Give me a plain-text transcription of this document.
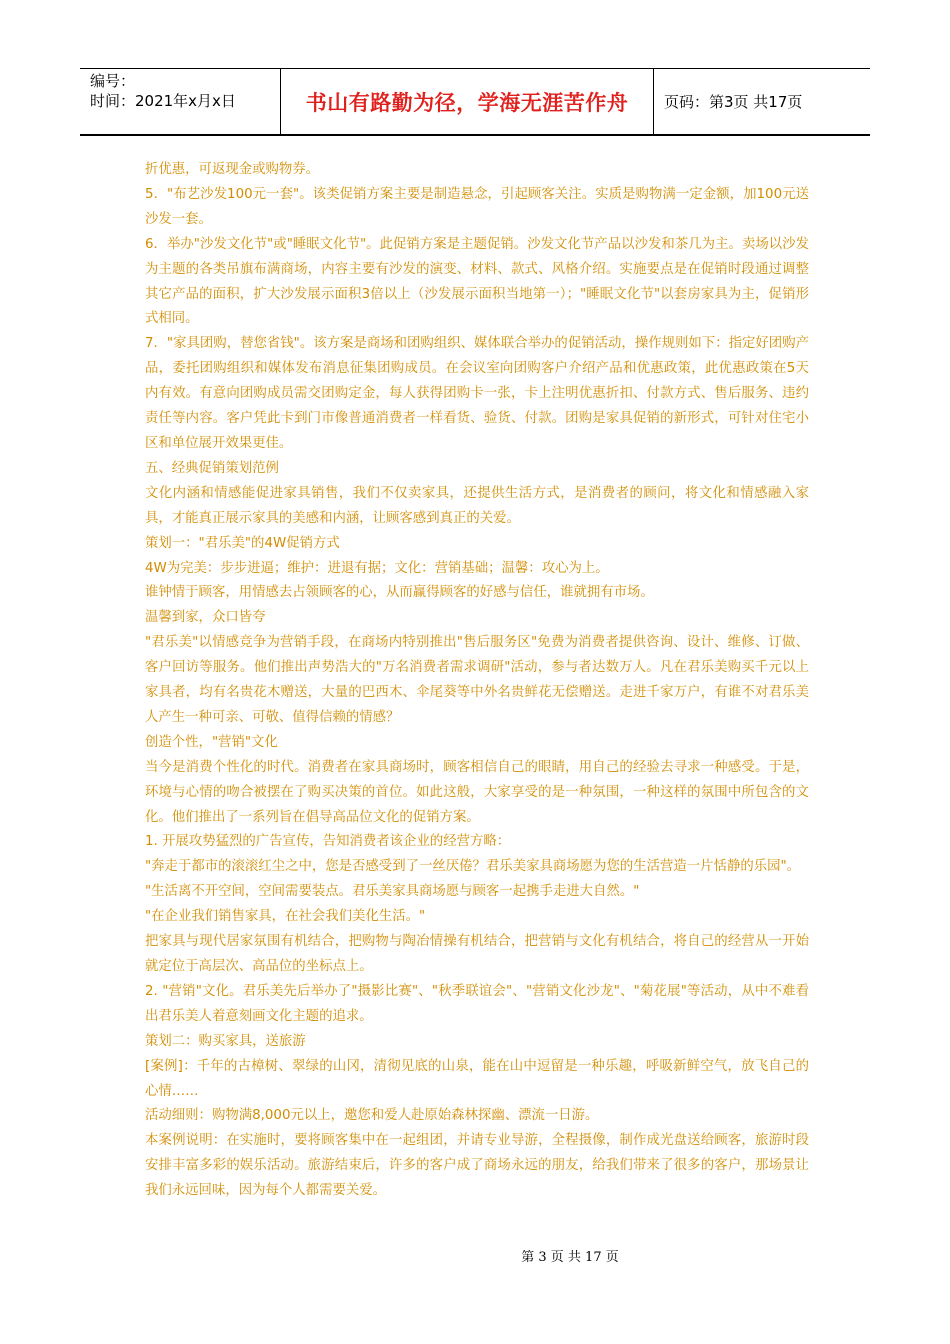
编号：
时间：2021年x月x日	书山有路勤为径，学海无涯苦作舟	页码：第3页 共17页

折优惠，可返现金或购物券。

5．"布艺沙发100元一套"。该类促销方案主要是制造悬念，引起顾客关注。实质是购物满一定金额，加100元送沙发一套。

6．举办"沙发文化节"或"睡眠文化节"。此促销方案是主题促销。沙发文化节产品以沙发和茶几为主。卖场以沙发为主题的各类吊旗布满商场，内容主要有沙发的演变、材料、款式、风格介绍。实施要点是在促销时段通过调整其它产品的面积，扩大沙发展示面积3倍以上（沙发展示面积当地第一）；"睡眠文化节"以套房家具为主，促销形式相同。

7．"家具团购，替您省钱"。该方案是商场和团购组织、媒体联合举办的促销活动，操作规则如下：指定好团购产品，委托团购组织和媒体发布消息征集团购成员。在会议室向团购客户介绍产品和优惠政策，此优惠政策在5天内有效。有意向团购成员需交团购定金，每人获得团购卡一张，卡上注明优惠折扣、付款方式、售后服务、违约责任等内容。客户凭此卡到门市像普通消费者一样看货、验货、付款。团购是家具促销的新形式，可针对住宅小区和单位展开效果更佳。

五、经典促销策划范例

文化内涵和情感能促进家具销售，我们不仅卖家具，还提供生活方式，是消费者的顾问，将文化和情感融入家具，才能真正展示家具的美感和内涵，让顾客感到真正的关爱。

策划一："君乐美"的4W促销方式

4W为完美：步步进逼；维护：进退有据；文化：营销基础；温馨：攻心为上。

谁钟情于顾客，用情感去占领顾客的心，从而赢得顾客的好感与信任，谁就拥有市场。

温馨到家，众口皆夸

"君乐美"以情感竞争为营销手段，在商场内特别推出"售后服务区"免费为消费者提供咨询、设计、维修、订做、客户回访等服务。他们推出声势浩大的"万名消费者需求调研"活动，参与者达数万人。凡在君乐美购买千元以上家具者，均有名贵花木赠送，大量的巴西木、伞尾葵等中外名贵鲜花无偿赠送。走进千家万户，有谁不对君乐美人产生一种可亲、可敬、值得信赖的情感？

创造个性，"营销"文化

当今是消费个性化的时代。消费者在家具商场时，顾客相信自己的眼睛，用自己的经验去寻求一种感受。于是，环境与心情的吻合被摆在了购买决策的首位。如此这般，大家享受的是一种氛围，一种这样的氛围中所包含的文化。他们推出了一系列旨在倡导高品位文化的促销方案。

1. 开展攻势猛烈的广告宣传，告知消费者该企业的经营方略：

"奔走于都市的滚滚红尘之中，您是否感受到了一丝厌倦？君乐美家具商场愿为您的生活营造一片恬静的乐园"。

"生活离不开空间，空间需要装点。君乐美家具商场愿与顾客一起携手走进大自然。"

"在企业我们销售家具，在社会我们美化生活。"

把家具与现代居家氛围有机结合，把购物与陶冶情操有机结合，把营销与文化有机结合，将自己的经营从一开始就定位于高层次、高品位的坐标点上。

2. "营销"文化。君乐美先后举办了"摄影比赛"、"秋季联谊会"、"营销文化沙龙"、"菊花展"等活动，从中不难看出君乐美人着意刻画文化主题的追求。

策划二：购买家具，送旅游

[案例]：千年的古樟树、翠绿的山冈，清彻见底的山泉，能在山中逗留是一种乐趣，呼吸新鲜空气，放飞自己的心情……

活动细则：购物满8,000元以上，邀您和爱人赴原始森林探幽、漂流一日游。

本案例说明：在实施时，要将顾客集中在一起组团，并请专业导游，全程摄像，制作成光盘送给顾客，旅游时段安排丰富多彩的娱乐活动。旅游结束后，许多的客户成了商场永远的朋友，给我们带来了很多的客户，那场景让我们永远回味，因为每个人都需要关爱。

第 3 页 共 17 页
